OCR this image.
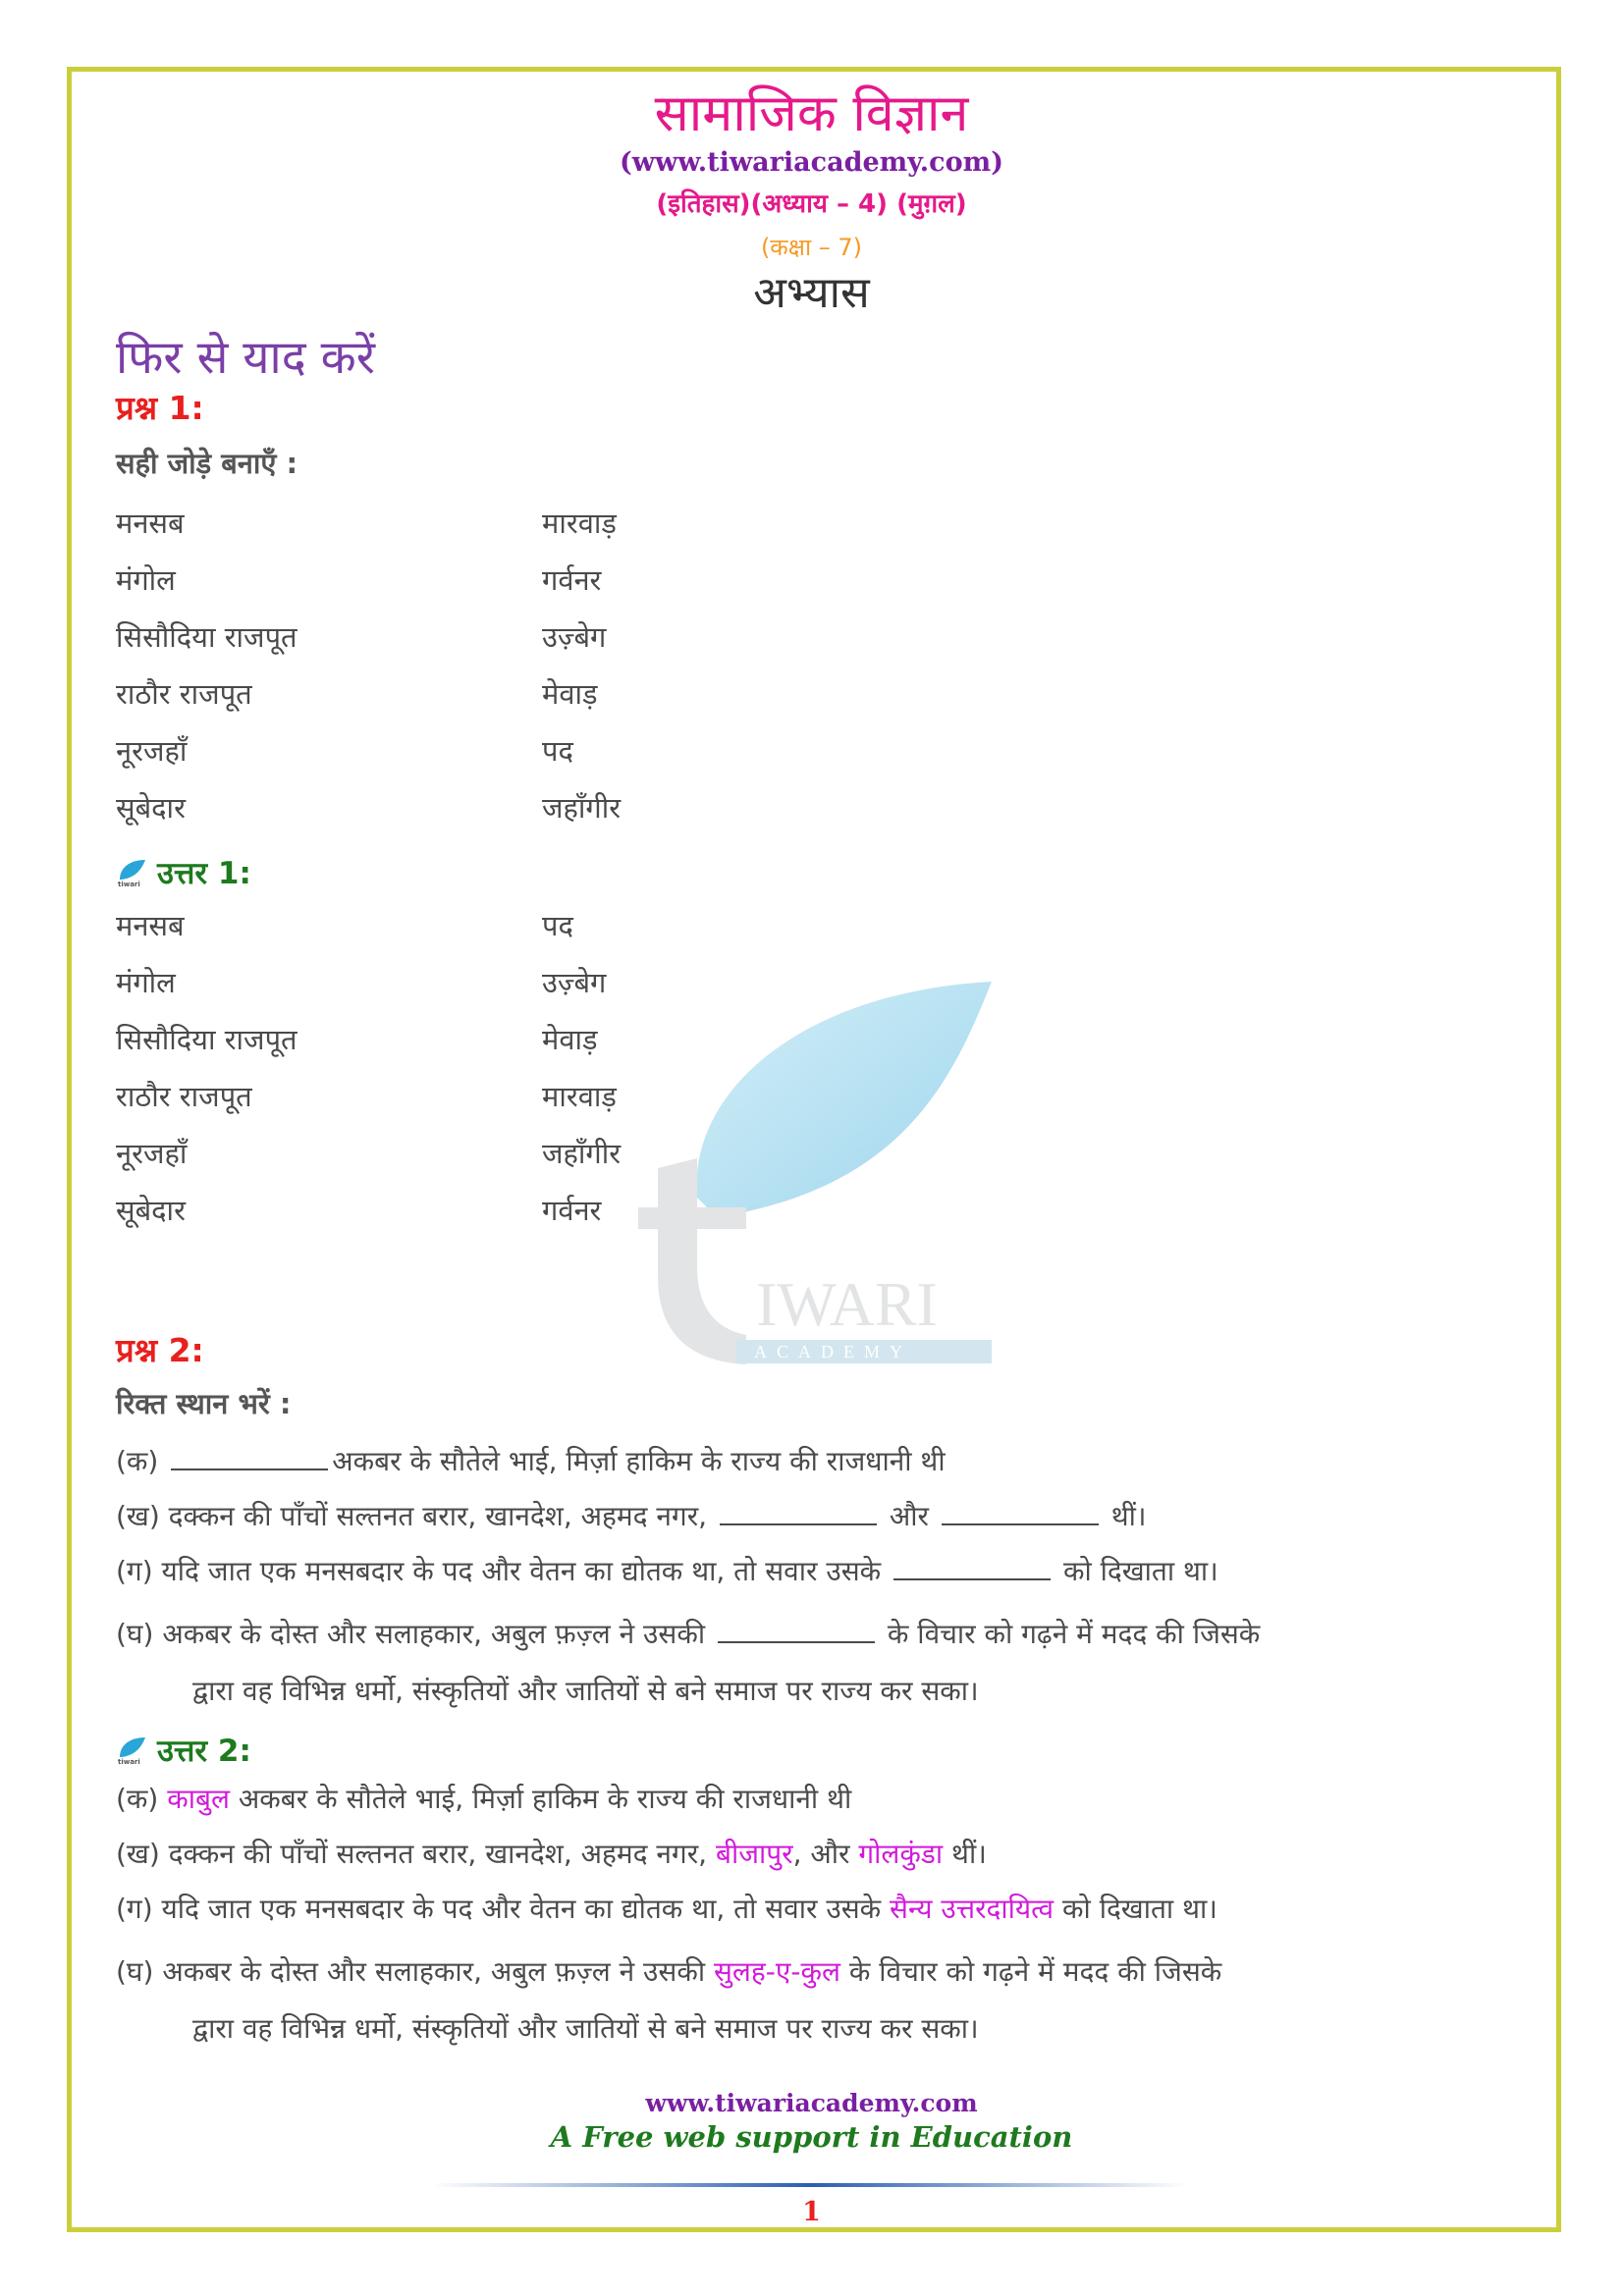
IWARI
ACADEMY
सामाजिक विज्ञान
(www.tiwariacademy.com)
(इतिहास)(अध्याय – 4) (मुग़ल)
(कक्षा – 7)
अभ्यास
फिर से याद करें
प्रश्न 1:
सही जोड़े बनाएँ :
मनसब	मारवाड़
मंगोल	गर्वनर
सिसौदिया राजपूत	उज़्बेग
राठौर राजपूत	मेवाड़
नूरजहाँ	पद
सूबेदार	जहाँगीर
tiwari उत्तर 1:
मनसब	पद
मंगोल	उज़्बेग
सिसौदिया राजपूत	मेवाड़
राठौर राजपूत	मारवाड़
नूरजहाँ	जहाँगीर
सूबेदार	गर्वनर
प्रश्न 2:
रिक्त स्थान भरें :
(क)	अकबर के सौतेले भाई, मिर्ज़ा हाकिम के राज्य की राजधानी थी
(ख) दक्कन की पाँचों सल्तनत बरार, खानदेश, अहमद नगर,	और	थीं।
(ग) यदि जात एक मनसबदार के पद और वेतन का द्योतक था, तो सवार उसके	को दिखाता था।
(घ) अकबर के दोस्त और सलाहकार, अबुल फ़ज़्ल ने उसकी	के विचार को गढ़ने में मदद की जिसके
द्वारा वह विभिन्न धर्मो, संस्कृतियों और जातियों से बने समाज पर राज्य कर सका।
tiwari उत्तर 2:
(क) काबुल अकबर के सौतेले भाई, मिर्ज़ा हाकिम के राज्य की राजधानी थी
(ख) दक्कन की पाँचों सल्तनत बरार, खानदेश, अहमद नगर, बीजापुर, और गोलकुंडा थीं।
(ग) यदि जात एक मनसबदार के पद और वेतन का द्योतक था, तो सवार उसके सैन्य उत्तरदायित्व को दिखाता था।
(घ) अकबर के दोस्त और सलाहकार, अबुल फ़ज़्ल ने उसकी सुलह-ए-कुल के विचार को गढ़ने में मदद की जिसके
द्वारा वह विभिन्न धर्मो, संस्कृतियों और जातियों से बने समाज पर राज्य कर सका।
www.tiwariacademy.com
A Free web support in Education
1
